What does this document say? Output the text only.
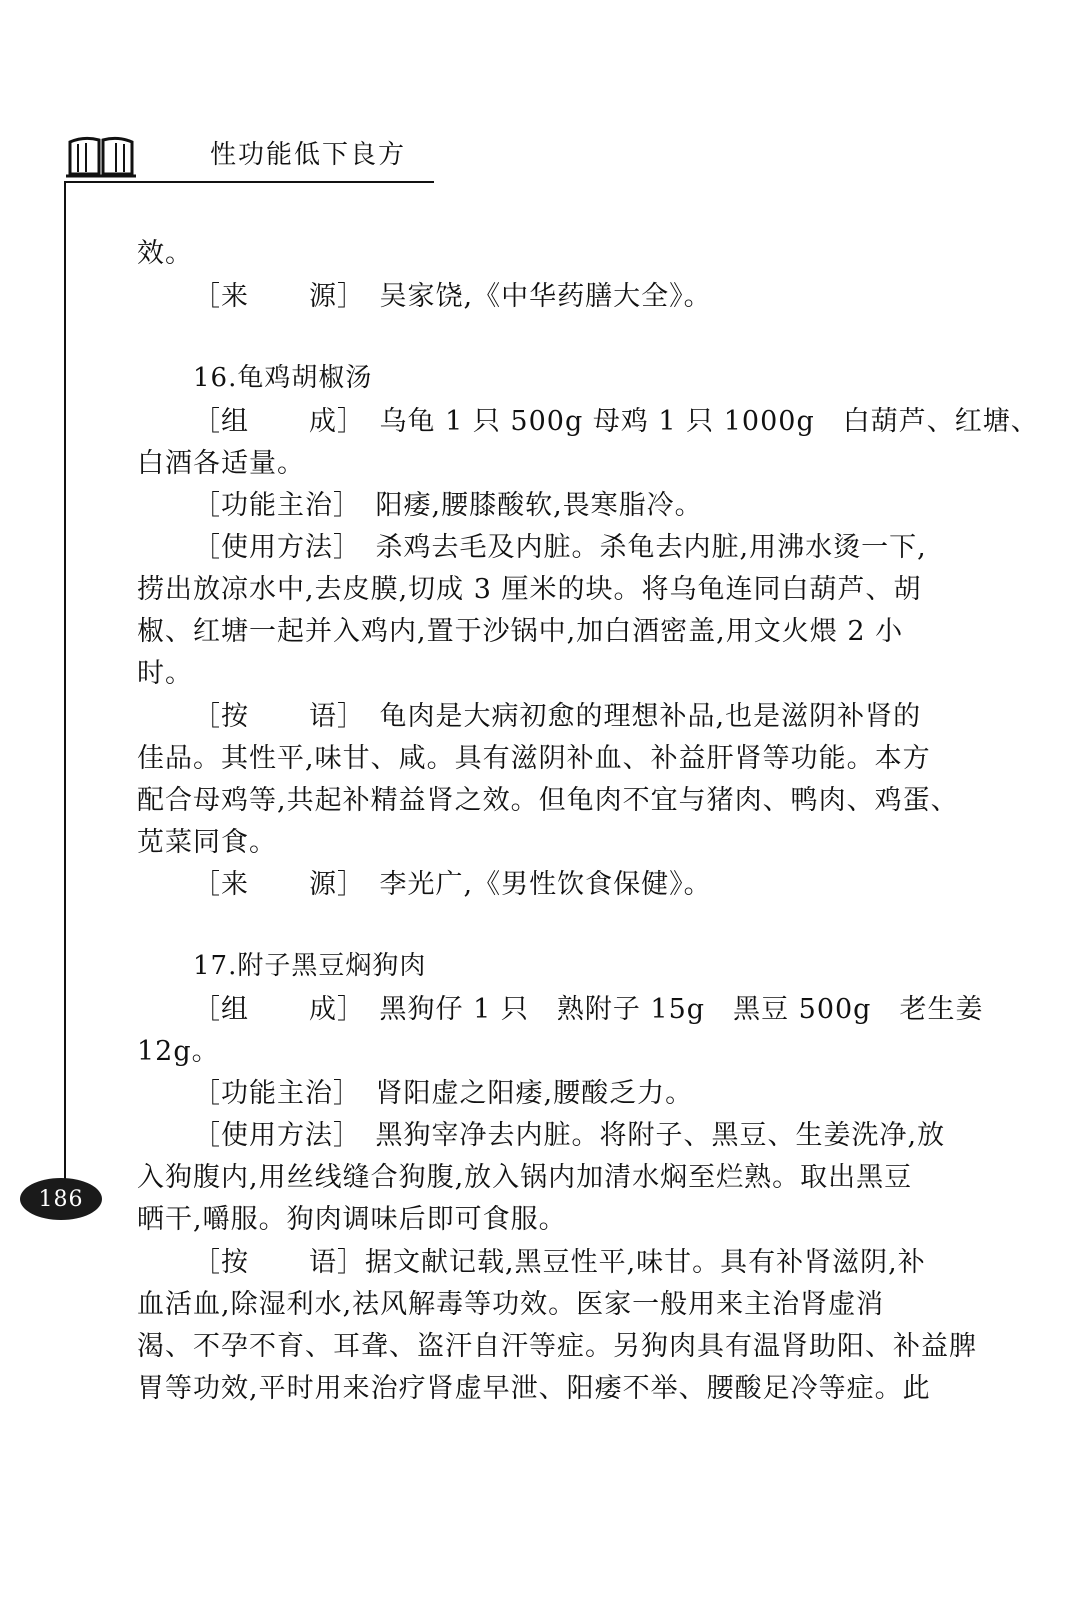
性功能低下良方
186
效。
［来 源］　 吴家饶,《中华药膳大全》。
16.龟鸡胡椒汤
［组 成］　 乌龟 1 只 500g 母鸡 1 只 1000g　白葫芦、红塘、
白酒各适量。
［功能主治］　阳痿,腰膝酸软,畏寒脂冷。
［使用方法］　杀鸡去毛及内脏。杀龟去内脏,用沸水烫一下,
捞出放凉水中,去皮膜,切成 3 厘米的块。将乌龟连同白葫芦、胡
椒、红塘一起并入鸡内,置于沙锅中,加白酒密盖,用文火煨 2 小
时。
［按 语］　 龟肉是大病初愈的理想补品,也是滋阴补肾的
佳品。其性平,味甘、咸。具有滋阴补血、补益肝肾等功能。本方
配合母鸡等,共起补精益肾之效。但龟肉不宜与猪肉、鸭肉、鸡蛋、
苋菜同食。
［来 源］　 李光广,《男性饮食保健》。
17.附子黑豆焖狗肉
［组 成］　 黑狗仔 1 只　熟附子 15g　黑豆 500g　老生姜
12g。
［功能主治］　肾阳虚之阳痿,腰酸乏力。
［使用方法］　黑狗宰净去内脏。将附子、黑豆、生姜洗净,放
入狗腹内,用丝线缝合狗腹,放入锅内加清水焖至烂熟。取出黑豆
晒干,嚼服。狗肉调味后即可食服。
［按 语］据文献记载,黑豆性平,味甘。具有补肾滋阴,补
血活血,除湿利水,祛风解毒等功效。医家一般用来主治肾虚消
渴、不孕不育、耳聋、盗汗自汗等症。另狗肉具有温肾助阳、补益脾
胃等功效,平时用来治疗肾虚早泄、阳痿不举、腰酸足冷等症。此
